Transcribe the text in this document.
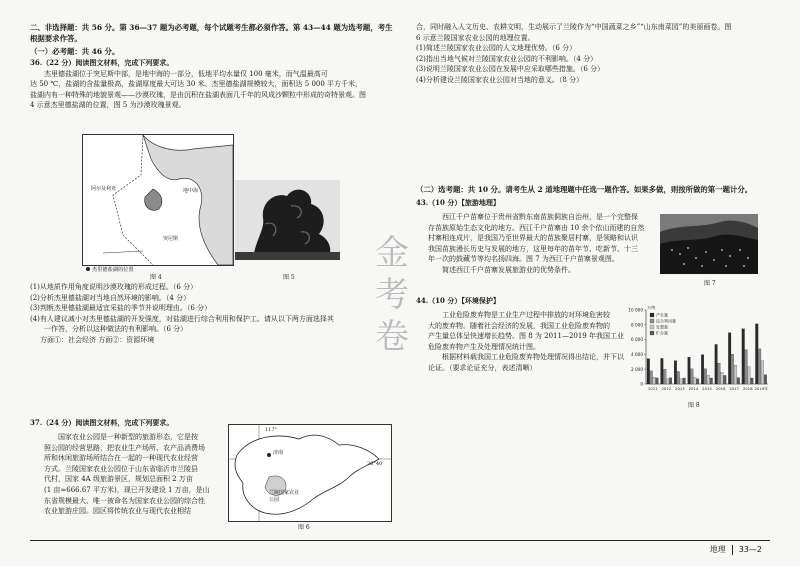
二、非选择题：共 56 分。第 36—37 题为必考题，每个试题考生都必须作答。第 43—44 题为选考题，考生

根据要求作答。

（一）必考题：共 46 分。

36.（22 分）阅读图文材料，完成下列要求。

杰里德盐湖位于突尼斯中部，是地中海的一部分，低地平均水量仅 100 毫米，而气温最高可

达 50 ℃，盐湖的含盐量极高，盐湖厚度最大可达 30 米。杰里德盐湖规模较大，面积达 5 000 平方千米，

盐湖内有一种特殊的地貌景观——沙漠玫瑰，是由沉积在盐湖表面几千年的风成沙颗粒中形成的奇特景观。图

4 示意杰里德盐湖的位置，图 5 为沙漠玫瑰景观。

地中海
阿尔及利亚
突尼斯
杰里德盐湖的位置
图 4	图 5

(1)从地质作用角度说明沙漠玫瑰的形成过程。（6 分）

(2)分析杰里德盐湖对当地自然环境的影响。（4 分）

(3)判断杰里德盐湖最适宜采盐的季节并说明理由。（6 分）

(4)有人建议减小对杰里德盐湖的开发强度，对盐湖进行综合利用和保护工。请从以下两方面选择其

一作答，分析以这种做法的有利影响。（6 分）

方面①：社会经济 方面②：资源环境

37.（24 分）阅读图文材料，完成下列要求。

国家农业公园是一种新型的旅游形态，它是按

照公园的经营思路，把农业生产场所、农产品消费场

所和休闲旅游场所结合在一起的一种现代农业经营

方式。兰陵国家农业公园位于山东省临沂市兰陵县

代村，国家 4A 级旅游景区，规划总面积 2 万亩

(1 亩≈666.67 平方米)，现已开发建设 1 万亩，是山

东省规模最大、唯一被命名为国家农业公园的综合性

农业旅游庄园。园区将传统农业与现代农业相结

117°
36°40'
济南
兰陵国家农业公园
图 6
金考卷

合，同时融入人文历史、农耕文明，生动展示了兰陵作为“中国蔬菜之乡”“山东南菜园”的美丽画卷。图

6 示意兰陵国家农业公园的地理位置。

(1)简述兰陵国家农业公园的人文地理优势。（6 分）

(2)指出当地气候对兰陵国家农业公园的不利影响。（4 分）

(3)说明兰陵国家农业公园在发展中应采取哪些措施。（6 分）

(4)分析建设兰陵国家农业公园对当地的意义。（8 分）

（二）选考题：共 10 分。请考生从 2 道地理题中任选一题作答。如果多做，则按所做的第一题计分。

43.（10 分）【旅游地理】

西江千户苗寨位于贵州省黔东南苗族侗族自治州，是一个完整保

存苗族原始生态文化的地方。西江千户苗寨由 10 余个依山而建的自然

村寨相连成片，是我国乃至世界最大的苗族聚居村寨，是领略和认识

我国苗族漫长历史与发展的地方，这里每年的苗年节、吃新节、十三

年一次的鼓藏节等均名扬四海。图 7 为西江千户苗寨景观图。

简述西江千户苗寨发展旅游业的优势条件。

图 7

44.（10 分）【环境保护】

工业危险废弃物是工业生产过程中排放的对环境危害较

大的废弃物。随着社会经济的发展，我国工业危险废弃物的

产生量总体呈快速增长趋势。图 8 为 2011—2019 年我国工业

危险废弃物产生及处理情况统计图。

根据材料载我国工业危险废弃物处理情况得出结论，并下以

论证。（要求论证充分，表述清晰）

0
2 000
4 000
6 000
8 000
10 000
万吨
2011 2012 2013 2014 2015 2016 2017 2018 2019年
产生量
综合利用量
处置量
贮存量
图 8
地理 33—2
